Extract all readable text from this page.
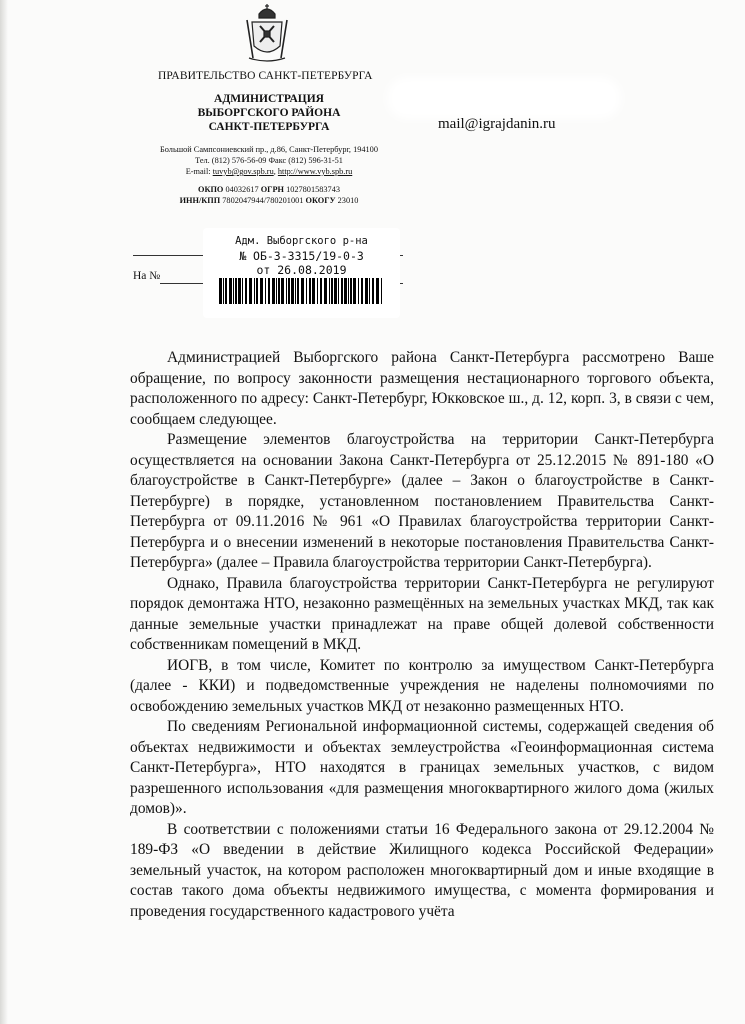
ПРАВИТЕЛЬСТВО САНКТ-ПЕТЕРБУРГА
АДМИНИСТРАЦИЯ
ВЫБОРГСКОГО РАЙОНА
САНКТ-ПЕТЕРБУРГА
Большой Сампсониевский пр., д.86, Санкт-Петербург, 194100
Тел. (812) 576-56-09 Факс (812) 596-31-51
E-mail: tuvyb@gov.spb.ru, http://www.vyb.spb.ru
ОКПО 04032617 ОГРН 1027801583743
ИНН/КПП 7802047944/780201001 ОКОГУ 23010
mail@igrajdanin.ru
На №
Адм. Выборгского р-на
№ ОБ-3-3315/19-0-3
от 26.08.2019

Администрацией Выборгского района Санкт-Петербурга рассмотрено Ваше обращение, по вопросу законности размещения нестационарного торгового объекта, расположенного по адресу: Санкт-Петербург, Юкковское ш., д. 12, корп. 3, в связи с чем, сообщаем следующее.

Размещение элементов благоустройства на территории Санкт-Петербурга осуществляется на основании Закона Санкт-Петербурга от 25.12.2015 № 891-180 «О благоустройстве в Санкт-Петербурге» (далее – Закон о благоустройстве в Санкт-Петербурге) в порядке, установленном постановлением Правительства Санкт-Петербурга от 09.11.2016 № 961 «О Правилах благоустройства территории Санкт-Петербурга и о внесении изменений в некоторые постановления Правительства Санкт-Петербурга» (далее – Правила благоустройства территории Санкт-Петербурга).

Однако, Правила благоустройства территории Санкт-Петербурга не регулируют порядок демонтажа НТО, незаконно размещённых на земельных участках МКД, так как данные земельные участки принадлежат на праве общей долевой собственности собственникам помещений в МКД.

ИОГВ, в том числе, Комитет по контролю за имуществом Санкт-Петербурга (далее - ККИ) и подведомственные учреждения не наделены полномочиями по освобождению земельных участков МКД от незаконно размещенных НТО.

По сведениям Региональной информационной системы, содержащей сведения об объектах недвижимости и объектах землеустройства «Геоинформационная система Санкт-Петербурга», НТО находятся в границах земельных участков, с видом разрешенного использования «для размещения многоквартирного жилого дома (жилых домов)».

В соответствии с положениями статьи 16 Федерального закона от 29.12.2004 № 189-ФЗ «О введении в действие Жилищного кодекса Российской Федерации» земельный участок, на котором расположен многоквартирный дом и иные входящие в состав такого дома объекты недвижимого имущества, с момента формирования и проведения государственного кадастрового учёта
